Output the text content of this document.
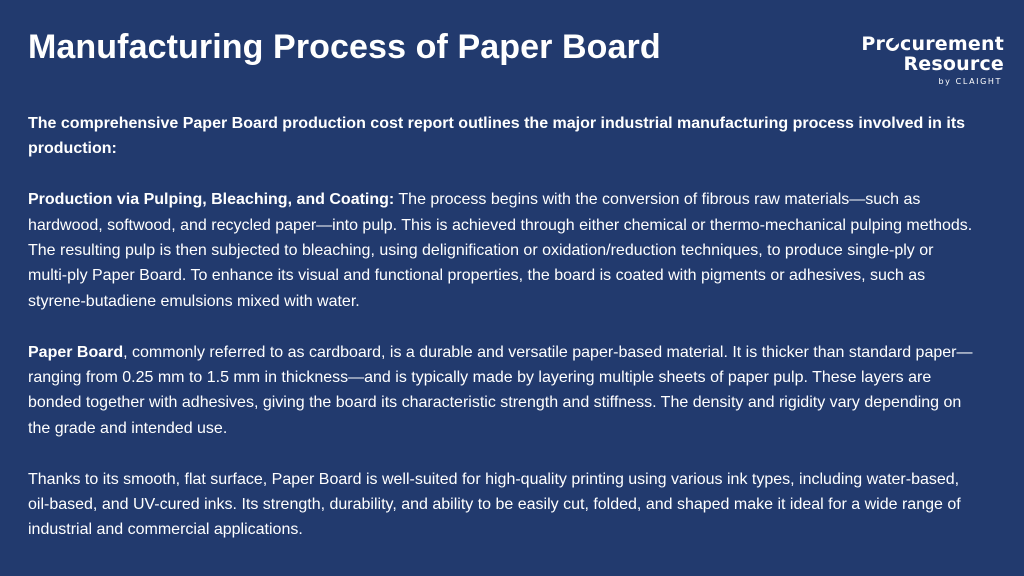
Manufacturing Process of Paper Board	Pr curement
Resource
by CLAIGHT

The comprehensive Paper Board production cost report outlines the major industrial manufacturing process involved in its production:

Production via Pulping, Bleaching, and Coating: The process begins with the conversion of fibrous raw materials—such as hardwood, softwood, and recycled paper—into pulp. This is achieved through either chemical or thermo-mechanical pulping methods. The resulting pulp is then subjected to bleaching, using delignification or oxidation/reduction techniques, to produce single-ply or multi-ply Paper Board. To enhance its visual and functional properties, the board is coated with pigments or adhesives, such as styrene-butadiene emulsions mixed with water.

Paper Board, commonly referred to as cardboard, is a durable and versatile paper-based material. It is thicker than standard paper—ranging from 0.25 mm to 1.5 mm in thickness—and is typically made by layering multiple sheets of paper pulp. These layers are bonded together with adhesives, giving the board its characteristic strength and stiffness. The density and rigidity vary depending on the grade and intended use.

Thanks to its smooth, flat surface, Paper Board is well-suited for high-quality printing using various ink types, including water-based, oil-based, and UV-cured inks. Its strength, durability, and ability to be easily cut, folded, and shaped make it ideal for a wide range of industrial and commercial applications.
